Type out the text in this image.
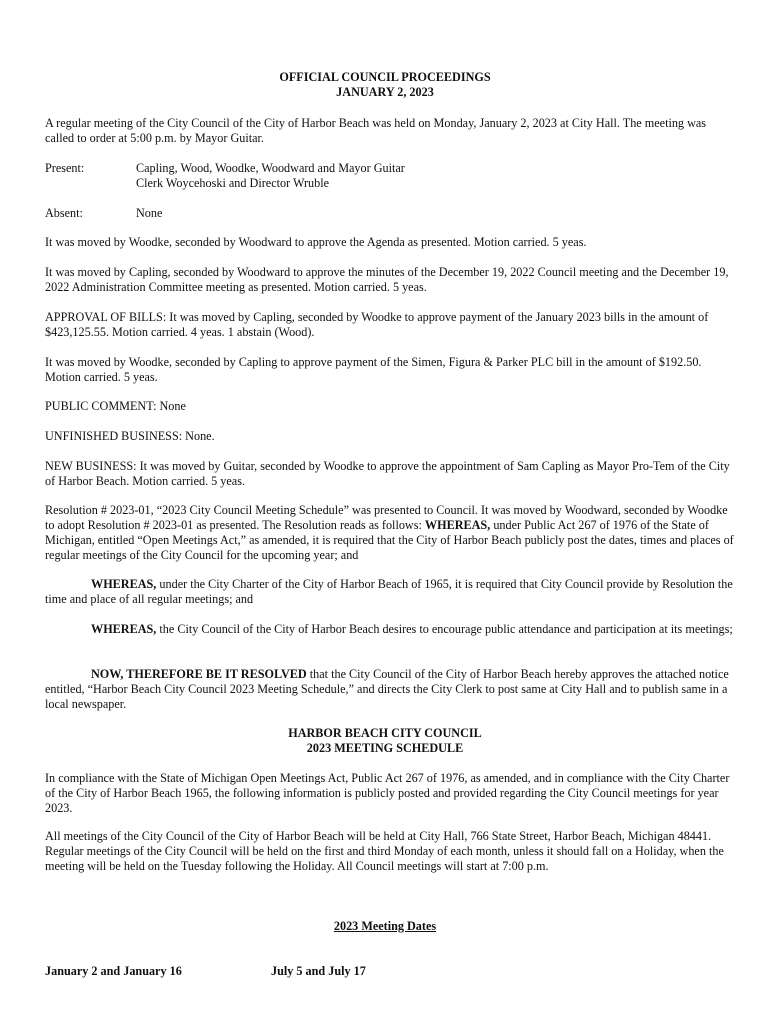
OFFICIAL COUNCIL PROCEEDINGS
JANUARY 2, 2023

A regular meeting of the City Council of the City of Harbor Beach was held on Monday, January 2, 2023 at City Hall. The meeting was called to order at 5:00 p.m. by Mayor Guitar.

Present:	Capling, Wood, Woodke, Woodward and Mayor Guitar
Clerk Woycehoski and Director Wruble
Absent:	None

It was moved by Woodke, seconded by Woodward to approve the Agenda as presented. Motion carried. 5 yeas.

It was moved by Capling, seconded by Woodward to approve the minutes of the December 19, 2022 Council meeting and the December 19, 2022 Administration Committee meeting as presented. Motion carried. 5 yeas.

APPROVAL OF BILLS: It was moved by Capling, seconded by Woodke to approve payment of the January 2023 bills in the amount of $423,125.55. Motion carried. 4 yeas. 1 abstain (Wood).

It was moved by Woodke, seconded by Capling to approve payment of the Simen, Figura & Parker PLC bill in the amount of $192.50. Motion carried. 5 yeas.

PUBLIC COMMENT: None

UNFINISHED BUSINESS: None.

NEW BUSINESS: It was moved by Guitar, seconded by Woodke to approve the appointment of Sam Capling as Mayor Pro-Tem of the City of Harbor Beach. Motion carried. 5 yeas.

Resolution # 2023-01, “2023 City Council Meeting Schedule” was presented to Council. It was moved by Woodward, seconded by Woodke to adopt Resolution # 2023-01 as presented. The Resolution reads as follows: WHEREAS, under Public Act 267 of 1976 of the State of Michigan, entitled “Open Meetings Act,” as amended, it is required that the City of Harbor Beach publicly post the dates, times and places of regular meetings of the City Council for the upcoming year; and

WHEREAS, under the City Charter of the City of Harbor Beach of 1965, it is required that City Council provide by Resolution the time and place of all regular meetings; and

WHEREAS, the City Council of the City of Harbor Beach desires to encourage public attendance and participation at its meetings;

NOW, THEREFORE BE IT RESOLVED that the City Council of the City of Harbor Beach hereby approves the attached notice entitled, “Harbor Beach City Council 2023 Meeting Schedule,” and directs the City Clerk to post same at City Hall and to publish same in a local newspaper.

HARBOR BEACH CITY COUNCIL
2023 MEETING SCHEDULE

In compliance with the State of Michigan Open Meetings Act, Public Act 267 of 1976, as amended, and in compliance with the City Charter of the City of Harbor Beach 1965, the following information is publicly posted and provided regarding the City Council meetings for year 2023.

All meetings of the City Council of the City of Harbor Beach will be held at City Hall, 766 State Street, Harbor Beach, Michigan 48441. Regular meetings of the City Council will be held on the first and third Monday of each month, unless it should fall on a Holiday, when the meeting will be held on the Tuesday following the Holiday. All Council meetings will start at 7:00 p.m.

2023 Meeting Dates
January 2 and January 16	July 5 and July 17
